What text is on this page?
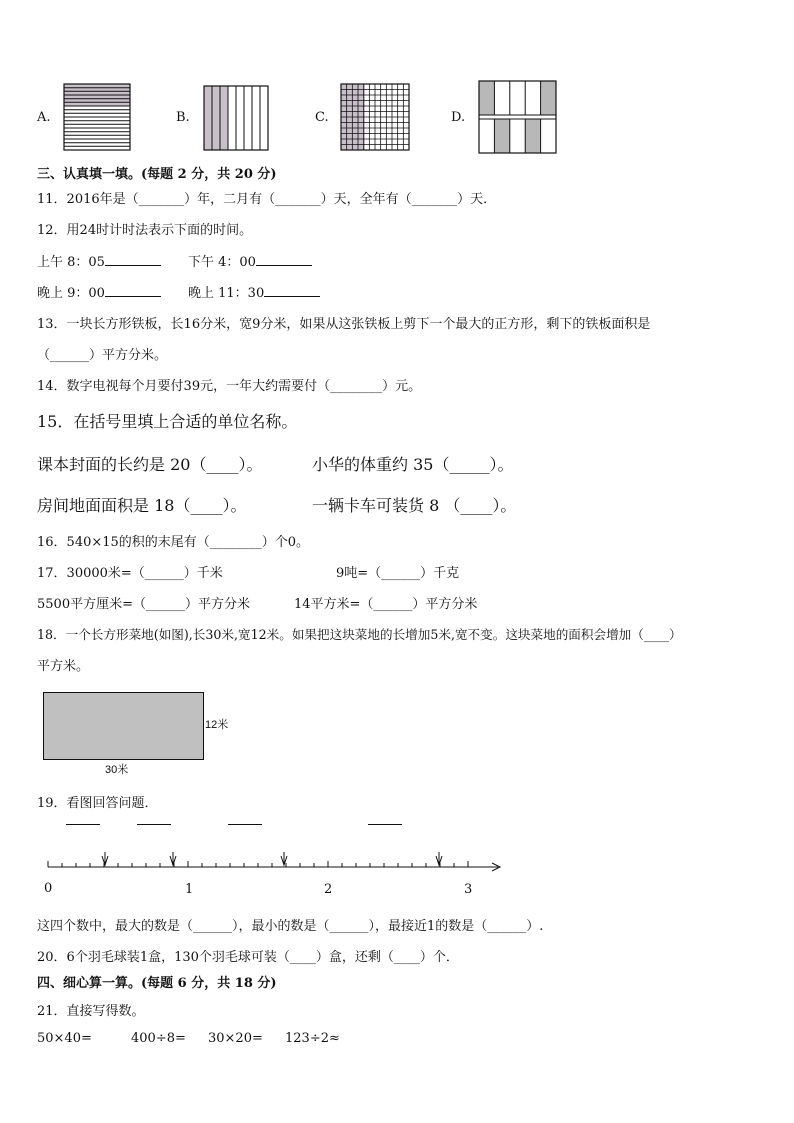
A.	B.	C.	D.
三、认真填一填。(每题 2 分，共 20 分)
11．2016年是（_______）年，二月有（_______）天，全年有（_______）天．
12．用24时计时法表示下面的时间。
上午 8：05	下午 4：00
晚上 9：00	晚上 11：30
13．一块长方形铁板，长16分米，宽9分米，如果从这张铁板上剪下一个最大的正方形，剩下的铁板面积是
（______）平方分米。
14．数字电视每个月要付39元，一年大约需要付（________）元。
15．在括号里填上合适的单位名称。
课本封面的长约是 20（____）。	小华的体重约 35（_____）。
房间地面面积是 18（____）。	一辆卡车可装货 8 （____）。
16．540×15的积的末尾有（________）个0。
17．30000米=（______）千米	9吨=（______）千克
5500平方厘米=（______）平方分米	14平方米=（______）平方分米
18．一个长方形菜地(如图),长30米,宽12米。如果把这块菜地的长增加5米,宽不变。这块菜地的面积会增加（____）
平方米。
12米
30米
19．看图回答问题．
0	1	2	3
这四个数中，最大的数是（______），最小的数是（______），最接近1的数是（______）.
20．6个羽毛球装1盒，130个羽毛球可装（____）盒，还剩（____）个．
四、细心算一算。(每题 6 分，共 18 分)
21．直接写得数。
50×40=	400÷8= 30×20= 123÷2≈
